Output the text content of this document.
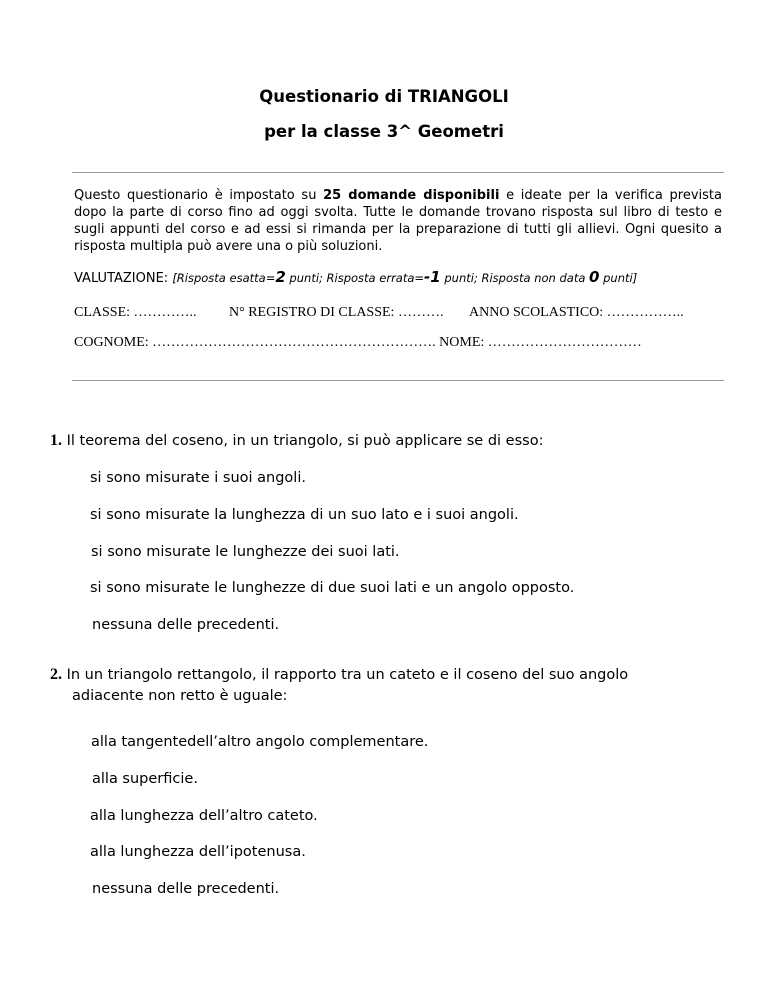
Questionario di TRIANGOLI
per la classe 3^ Geometri
Questo questionario è impostato su 25 domande disponibili e ideate per la verifica prevista dopo la parte di corso fino ad oggi svolta. Tutte le domande trovano risposta sul libro di testo e sugli appunti del corso e ad essi si rimanda per la preparazione di tutti gli allievi. Ogni quesito a risposta multipla può avere una o più soluzioni.
VALUTAZIONE: [Risposta esatta=2 punti; Risposta errata=-1 punti; Risposta non data 0 punti]
CLASSE: ………….. N° REGISTRO DI CLASSE: ………. ANNO SCOLASTICO: ……………..
COGNOME: ……………………………………………………. NOME: ……………………………
1. Il teorema del coseno, in un triangolo, si può applicare se di esso:
si sono misurate i suoi angoli.
si sono misurate la lunghezza di un suo lato e i suoi angoli.
si sono misurate le lunghezze dei suoi lati.
si sono misurate le lunghezze di due suoi lati e un angolo opposto.
nessuna delle precedenti.
2. In un triangolo rettangolo, il rapporto tra un cateto e il coseno del suo angolo
adiacente non retto è uguale:
alla tangentedell’altro angolo complementare.
alla superficie.
alla lunghezza dell’altro cateto.
alla lunghezza dell’ipotenusa.
nessuna delle precedenti.
